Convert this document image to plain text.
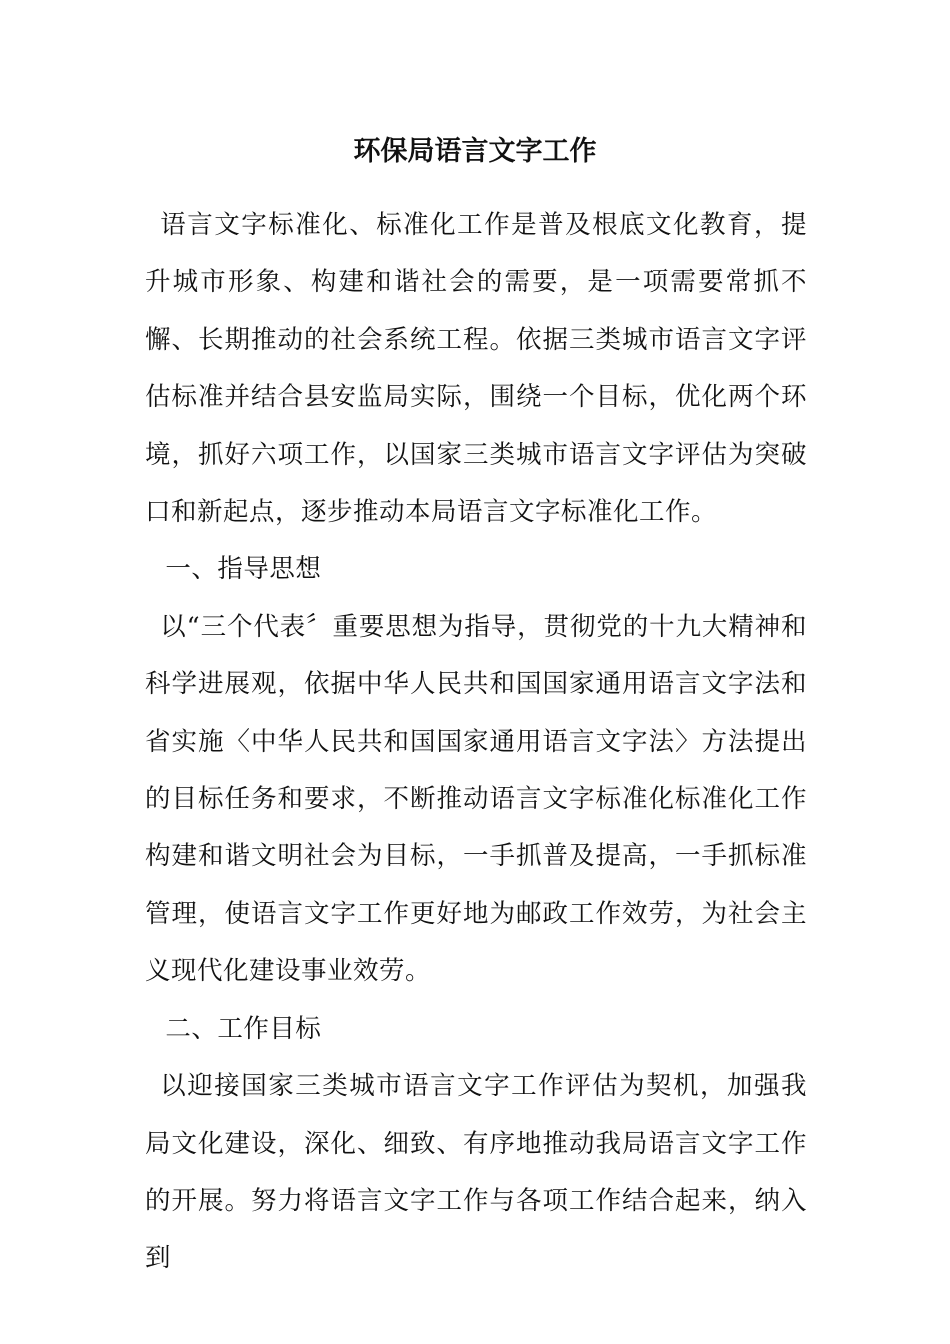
环保局语言文字工作

语言文字标准化、标准化工作是普及根底文化教育，提升城市形象、构建和谐社会的需要，是一项需要常抓不懈、长期推动的社会系统工程。依据三类城市语言文字评估标准并结合县安监局实际，围绕一个目标，优化两个环境，抓好六项工作，以国家三类城市语言文字评估为突破口和新起点，逐步推动本局语言文字标准化工作。

一、指导思想

以“三个代表〞重要思想为指导，贯彻党的十九大精神和科学进展观，依据中华人民共和国国家通用语言文字法和省实施〈中华人民共和国国家通用语言文字法〉方法提出的目标任务和要求，不断推动语言文字标准化标准化工作构建和谐文明社会为目标，一手抓普及提高，一手抓标准管理，使语言文字工作更好地为邮政工作效劳，为社会主义现代化建设事业效劳。

二、工作目标

以迎接国家三类城市语言文字工作评估为契机，加强我局文化建设，深化、细致、有序地推动我局语言文字工作的开展。努力将语言文字工作与各项工作结合起来，纳入到
